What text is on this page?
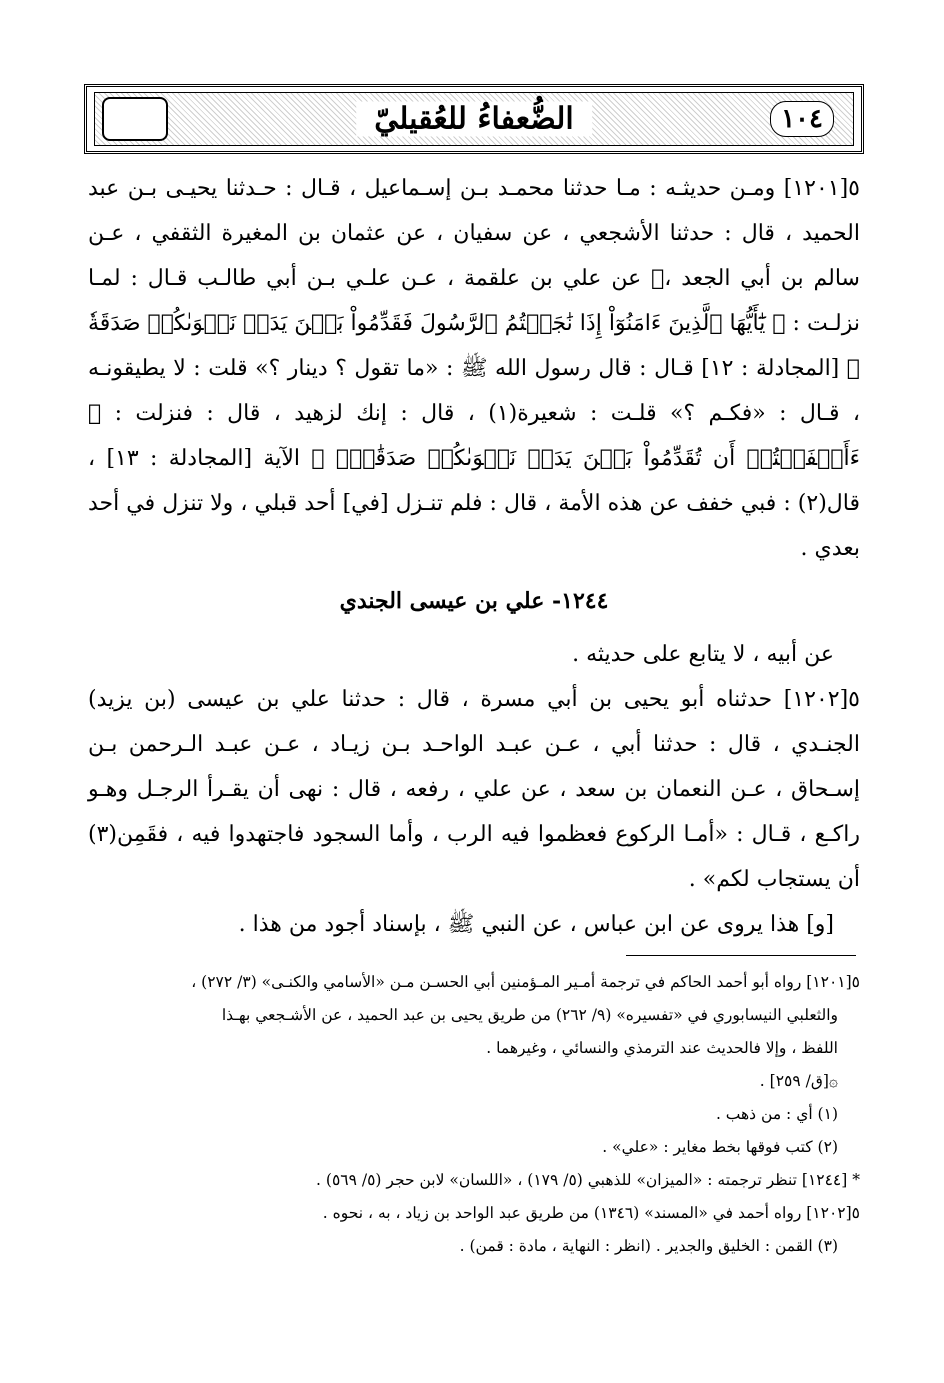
الضُّعفاءُ للعُقيليّ	١٠٤

٥[١٢٠١] ومـن حديثـه : مـا حدثنا محمـد بـن إسـماعيل ، قـال : حـدثنا يحيـى بـن عبد الحميد ، قال : حدثنا الأشجعي ، عن سفيان ، عن عثمان بن المغيرة الثقفي ، عـن سالم بن أبي الجعد ،۞ عن علي بن علقمة ، عـن علـي بـن أبي طالـب قـال : لمـا نزلـت : ﴿ يَٰٓأَيُّهَا ٱلَّذِينَ ءَامَنُوٓاْ إِذَا نَٰجَيۡتُمُ ٱلرَّسُولَ فَقَدِّمُواْ بَيۡنَ يَدَيۡ نَجۡوَىٰكُمۡ صَدَقَةٗ ﴾ [المجادلة : ١٢] قـال : قال رسول الله ﷺ : «ما تقول ؟ دينار ؟» قلت : لا يطيقونـه ، قـال : «فكـم ؟» قلـت : شعيرة(١) ، قال : إنك لزهيد ، قال : فنزلت : ﴿ ءَأَشۡفَقۡتُمۡ أَن تُقَدِّمُواْ بَيۡنَ يَدَيۡ نَجۡوَىٰكُمۡ صَدَقَٰتٖۚ ﴾ الآية [المجادلة : ١٣] ، قال(٢) : فبي خفف عن هذه الأمة ، قال : فلم تنـزل [في] أحد قبلي ، ولا تنزل في أحد بعدي .

١٢٤٤- علي بن عيسى الجندي

عن أبيه ، لا يتابع على حديثه .

٥[١٢٠٢] حدثناه أبو يحيى بن أبي مسرة ، قال : حدثنا علي بن عيسى (بن يزيد) الجنـدي ، قال : حدثنا أبي ، عـن عبـد الواحـد بـن زيـاد ، عـن عبـد الـرحمن بـن إسـحاق ، عـن النعمان بن سعد ، عن علي ، رفعه ، قال : نهى أن يقـرأ الرجـل وهـو راكـع ، قـال : «أمـا الركوع فعظموا فيه الرب ، وأما السجود فاجتهدوا فيه ، فقَمِن(٣) أن يستجاب لكم» .

[و] هذا يروى عن ابن عباس ، عن النبي ﷺ ، بإسناد أجود من هذا .

٥[١٢٠١] رواه أبو أحمد الحاكم في ترجمة أمـير المـؤمنين أبي الحسـن مـن «الأسامي والكنـى» (٣/ ٢٧٢) ،

والثعلبي النيسابوري في «تفسيره» (٩/ ٢٦٢) من طريق يحيى بن عبد الحميد ، عن الأشـجعي بهـذا

اللفظ ، وإلا فالحديث عند الترمذي والنسائي ، وغيرهما .

۞[ق/ ٢٥٩] .

(١) أي : من ذهب .

(٢) كتب فوقها بخط مغاير : «علي» .

* [١٢٤٤] تنظر ترجمته : «الميزان» للذهبي (٥/ ١٧٩) ، «اللسان» لابن حجر (٥/ ٥٦٩) .

٥[١٢٠٢] رواه أحمد في «المسند» (١٣٤٦) من طريق عبد الواحد بن زياد ، به ، نحوه .

(٣) القمن : الخليق والجدير . (انظر : النهاية ، مادة : قمن) .
